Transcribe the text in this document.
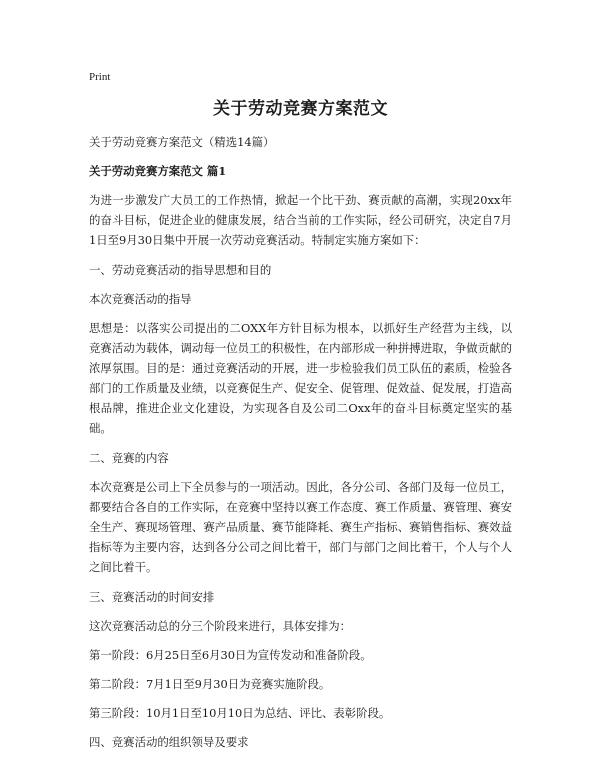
Print
关于劳动竞赛方案范文
关于劳动竞赛方案范文（精选14篇）
关于劳动竞赛方案范文 篇1
为进一步激发广大员工的工作热情，掀起一个比干劲、赛贡献的高潮，实现20xx年的奋斗目标，促进企业的健康发展，结合当前的工作实际，经公司研究，决定自7月1日至9月30日集中开展一次劳动竞赛活动。特制定实施方案如下：
一、劳动竞赛活动的指导思想和目的
本次竞赛活动的指导
思想是：以落实公司提出的二OXX年方针目标为根本，以抓好生产经营为主线，以竞赛活动为载体，调动每一位员工的积极性，在内部形成一种拼搏进取，争做贡献的浓厚氛围。目的是：通过竞赛活动的开展，进一步检验我们员工队伍的素质，检验各部门的工作质量及业绩，以竞赛促生产、促安全、促管理、促效益、促发展，打造高根品牌，推进企业文化建设，为实现各自及公司二Oxx年的奋斗目标奠定坚实的基础。
二、竞赛的内容
本次竞赛是公司上下全员参与的一项活动。因此，各分公司、各部门及每一位员工，都要结合各自的工作实际，在竞赛中坚持以赛工作态度、赛工作质量、赛管理、赛安全生产、赛现场管理、赛产品质量、赛节能降耗、赛生产指标、赛销售指标、赛效益指标等为主要内容，达到各分公司之间比着干，部门与部门之间比着干，个人与个人之间比着干。
三、竞赛活动的时间安排
这次竞赛活动总的分三个阶段来进行，具体安排为：
第一阶段：6月25日至6月30日为宣传发动和准备阶段。
第二阶段：7月1日至9月30日为竞赛实施阶段。
第三阶段：10月1日至10月10日为总结、评比、表彰阶段。
四、竞赛活动的组织领导及要求
